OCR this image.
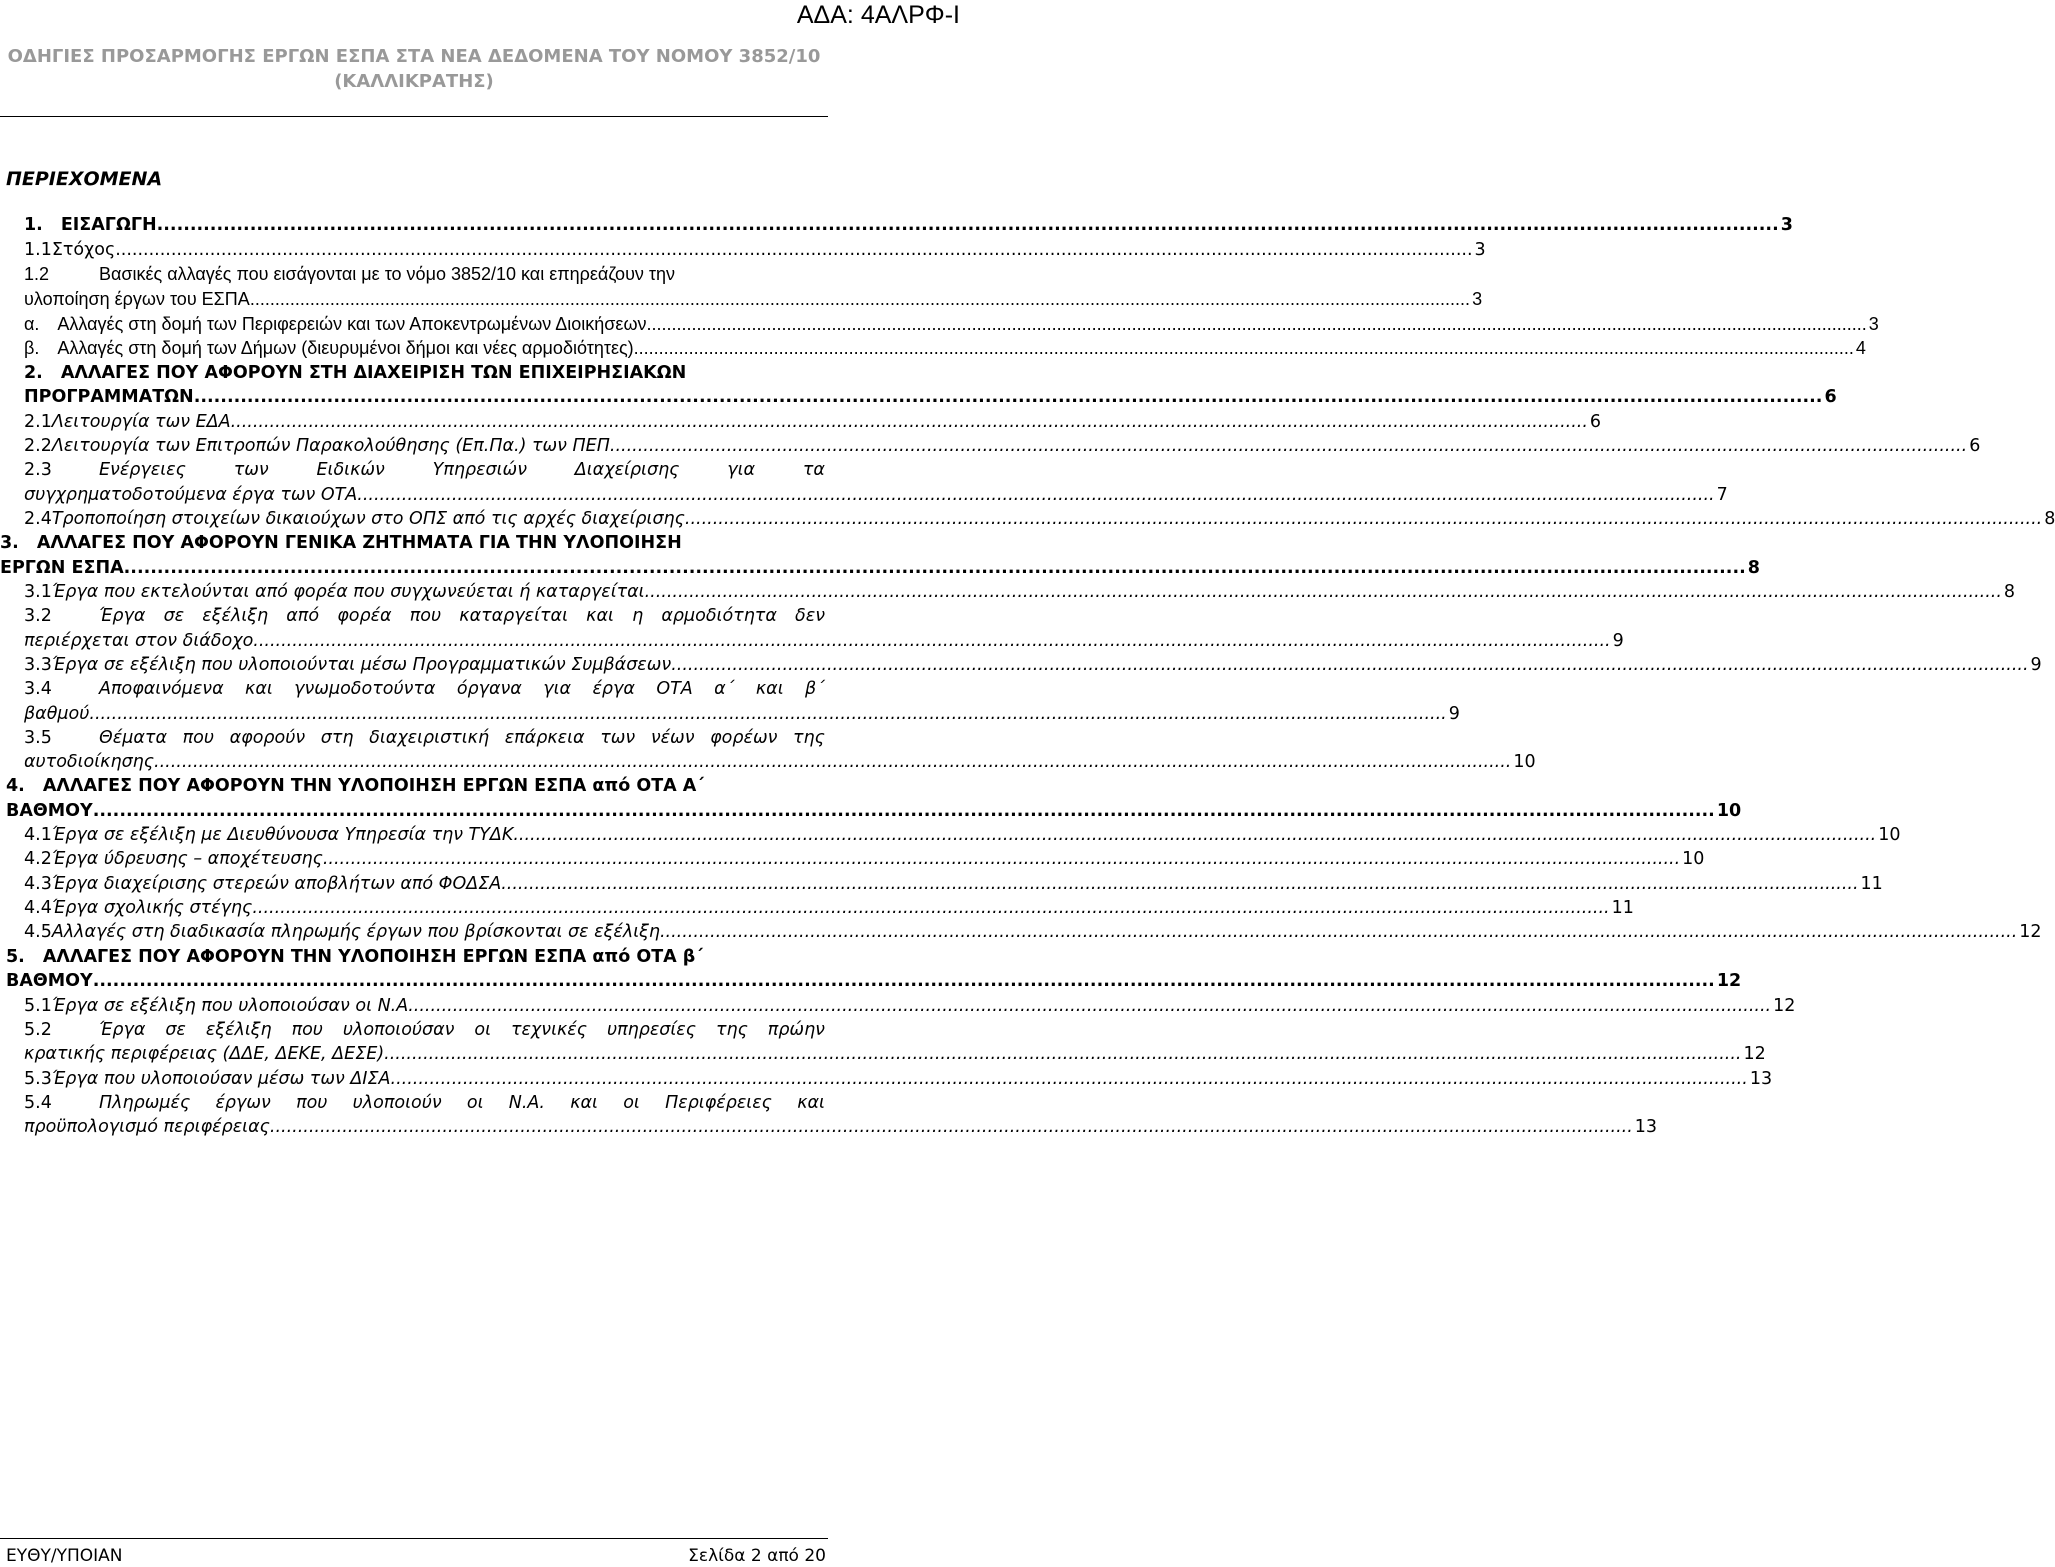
ΑΔΑ: 4ΑΛΡΦ-Ι
ΟΔΗΓΙΕΣ ΠΡΟΣΑΡΜΟΓΗΣ ΕΡΓΩΝ ΕΣΠΑ ΣΤΑ ΝΕΑ ΔΕΔΟΜΕΝΑ ΤΟΥ ΝΟΜΟΥ 3852/10
(ΚΑΛΛΙΚΡΑΤΗΣ)
ΠΕΡΙΕΧΟΜΕΝΑ
1.	ΕΙΣΑΓΩΓΗ .....	3
1.1 Στόχος .....	3
1.2	Βασικές αλλαγές που εισάγονται με το νόμο 3852/10 και επηρεάζουν την
υλοποίηση έργων του ΕΣΠΑ .....	3
α.	Αλλαγές στη δομή των Περιφερειών και των Αποκεντρωμένων Διοικήσεων .....	3
β.	Αλλαγές στη δομή των Δήμων (διευρυμένοι δήμοι και νέες αρμοδιότητες) .....	4
2. ΑΛΛΑΓΕΣ ΠΟΥ ΑΦΟΡΟΥΝ ΣΤΗ ΔΙΑΧΕΙΡΙΣΗ ΤΩΝ ΕΠΙΧΕΙΡΗΣΙΑΚΩΝ
ΠΡΟΓΡΑΜΜΑΤΩΝ. .....	6
2.1 Λειτουργία των ΕΔΑ .....	6
2.2 Λειτουργία των Επιτροπών Παρακολούθησης (Επ.Πα.) των ΠΕΠ .....	6
2.3	Ενέργειες	των	Ειδικών	Υπηρεσιών	Διαχείρισης	για	τα
συγχρηματοδοτούμενα έργα των ΟΤΑ .....	7
2.4 Τροποποίηση στοιχείων δικαιούχων στο ΟΠΣ από τις αρχές διαχείρισης .....	8
3. ΑΛΛΑΓΕΣ ΠΟΥ ΑΦΟΡΟΥΝ ΓΕΝΙΚΑ ΖΗΤΗΜΑΤΑ ΓΙΑ ΤΗΝ ΥΛΟΠΟΙΗΣΗ
ΕΡΓΩΝ ΕΣΠΑ .....	8
3.1 Έργα που εκτελούνται από φορέα που συγχωνεύεται ή καταργείται .....	8
3.2	Έργα σε εξέλιξη από φορέα που καταργείται και η αρμοδιότητα δεν
περιέρχεται στον διάδοχο .....	9
3.3 Έργα σε εξέλιξη που υλοποιούνται μέσω Προγραμματικών Συμβάσεων .....	9
3.4	Αποφαινόμενα και γνωμοδοτούντα όργανα για έργα ΟΤΑ α΄ και β΄
βαθμού .....	9
3.5	Θέματα που αφορούν στη διαχειριστική επάρκεια των νέων φορέων της
αυτοδιοίκησης .....	10
4. ΑΛΛΑΓΕΣ ΠΟΥ ΑΦΟΡΟΥΝ ΤΗΝ ΥΛΟΠΟΙΗΣΗ ΕΡΓΩΝ ΕΣΠΑ από ΟΤΑ Α΄
ΒΑΘΜΟΥ .....	10
4.1 Έργα σε εξέλιξη με Διευθύνουσα Υπηρεσία την ΤΥΔΚ. .....	10
4.2 Έργα ύδρευσης – αποχέτευσης .....	10
4.3 Έργα διαχείρισης στερεών αποβλήτων από ΦΟΔΣΑ .....	11
4.4 Έργα σχολικής στέγης .....	11
4.5 Αλλαγές στη διαδικασία πληρωμής έργων που βρίσκονται σε εξέλιξη .....	12
5. ΑΛΛΑΓΕΣ ΠΟΥ ΑΦΟΡΟΥΝ ΤΗΝ ΥΛΟΠΟΙΗΣΗ ΕΡΓΩΝ ΕΣΠΑ από ΟΤΑ β΄
ΒΑΘΜΟΥ .....	12
5.1 Έργα σε εξέλιξη που υλοποιούσαν οι Ν.Α. .....	12
5.2	Έργα σε εξέλιξη που υλοποιούσαν οι τεχνικές υπηρεσίες της πρώην
κρατικής περιφέρειας (ΔΔΕ, ΔΕΚΕ, ΔΕΣΕ) .....	12
5.3 Έργα που υλοποιούσαν μέσω των ΔΙΣΑ .....	13
5.4	Πληρωμές έργων που υλοποιούν οι Ν.Α. και οι Περιφέρειες και
προϋπολογισμό περιφέρειας. .....	13
ΕΥΘΥ/ΥΠΟΙΑΝ	Σελίδα 2 από 20
